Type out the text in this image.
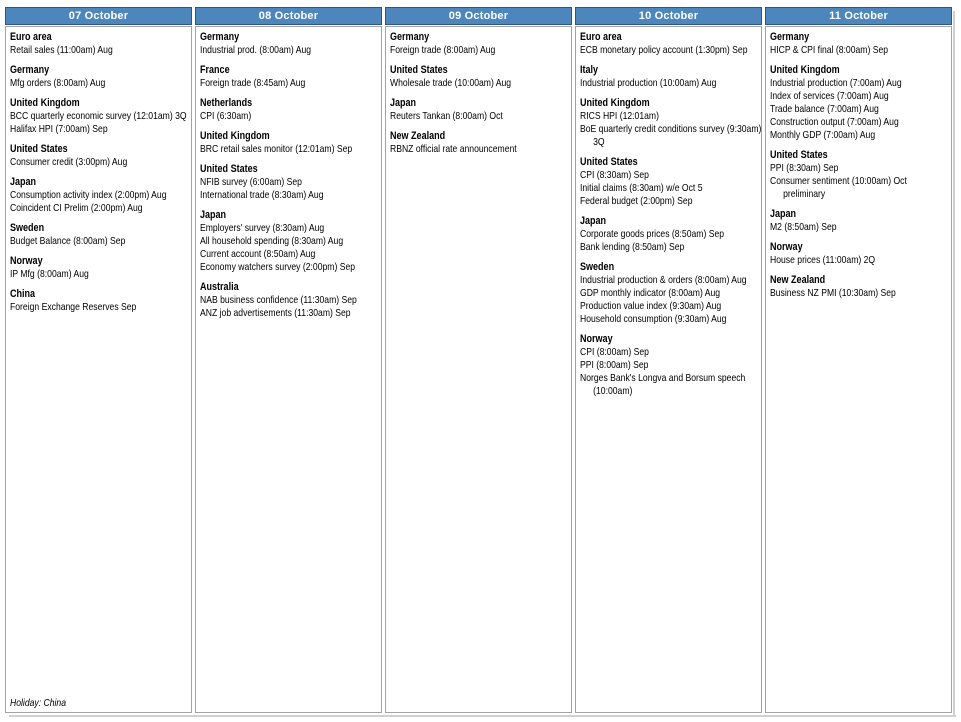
07 October
Euro area
Retail sales (11:00am) Aug
Germany
Mfg orders (8:00am) Aug
United Kingdom
BCC quarterly economic survey (12:01am) 3Q
Halifax HPI (7:00am) Sep
United States
Consumer credit (3:00pm) Aug
Japan
Consumption activity index (2:00pm) Aug
Coincident CI Prelim (2:00pm) Aug
Sweden
Budget Balance (8:00am) Sep
Norway
IP Mfg (8:00am) Aug
China
Foreign Exchange Reserves Sep
Holiday: China
08 October
Germany
Industrial prod. (8:00am) Aug
France
Foreign trade (8:45am) Aug
Netherlands
CPI (6:30am)
United Kingdom
BRC retail sales monitor (12:01am) Sep
United States
NFIB survey (6:00am) Sep
International trade (8:30am) Aug
Japan
Employers' survey (8:30am) Aug
All household spending (8:30am) Aug
Current account (8:50am) Aug
Economy watchers survey (2:00pm) Sep
Australia
NAB business confidence (11:30am) Sep
ANZ job advertisements (11:30am) Sep
09 October
Germany
Foreign trade (8:00am) Aug
United States
Wholesale trade (10:00am) Aug
Japan
Reuters Tankan (8:00am) Oct
New Zealand
RBNZ official rate announcement
10 October
Euro area
ECB monetary policy account (1:30pm) Sep
Italy
Industrial production (10:00am) Aug
United Kingdom
RICS HPI (12:01am)
BoE quarterly credit conditions survey (9:30am)
3Q
United States
CPI (8:30am) Sep
Initial claims (8:30am) w/e Oct 5
Federal budget (2:00pm) Sep
Japan
Corporate goods prices (8:50am) Sep
Bank lending (8:50am) Sep
Sweden
Industrial production & orders (8:00am) Aug
GDP monthly indicator (8:00am) Aug
Production value index (9:30am) Aug
Household consumption (9:30am) Aug
Norway
CPI (8:00am) Sep
PPI (8:00am) Sep
Norges Bank's Longva and Borsum speech
(10:00am)
11 October
Germany
HICP & CPI final (8:00am) Sep
United Kingdom
Industrial production (7:00am) Aug
Index of services (7:00am) Aug
Trade balance (7:00am) Aug
Construction output (7:00am) Aug
Monthly GDP (7:00am) Aug
United States
PPI (8:30am) Sep
Consumer sentiment (10:00am) Oct
preliminary
Japan
M2 (8:50am) Sep
Norway
House prices (11:00am) 2Q
New Zealand
Business NZ PMI (10:30am) Sep
